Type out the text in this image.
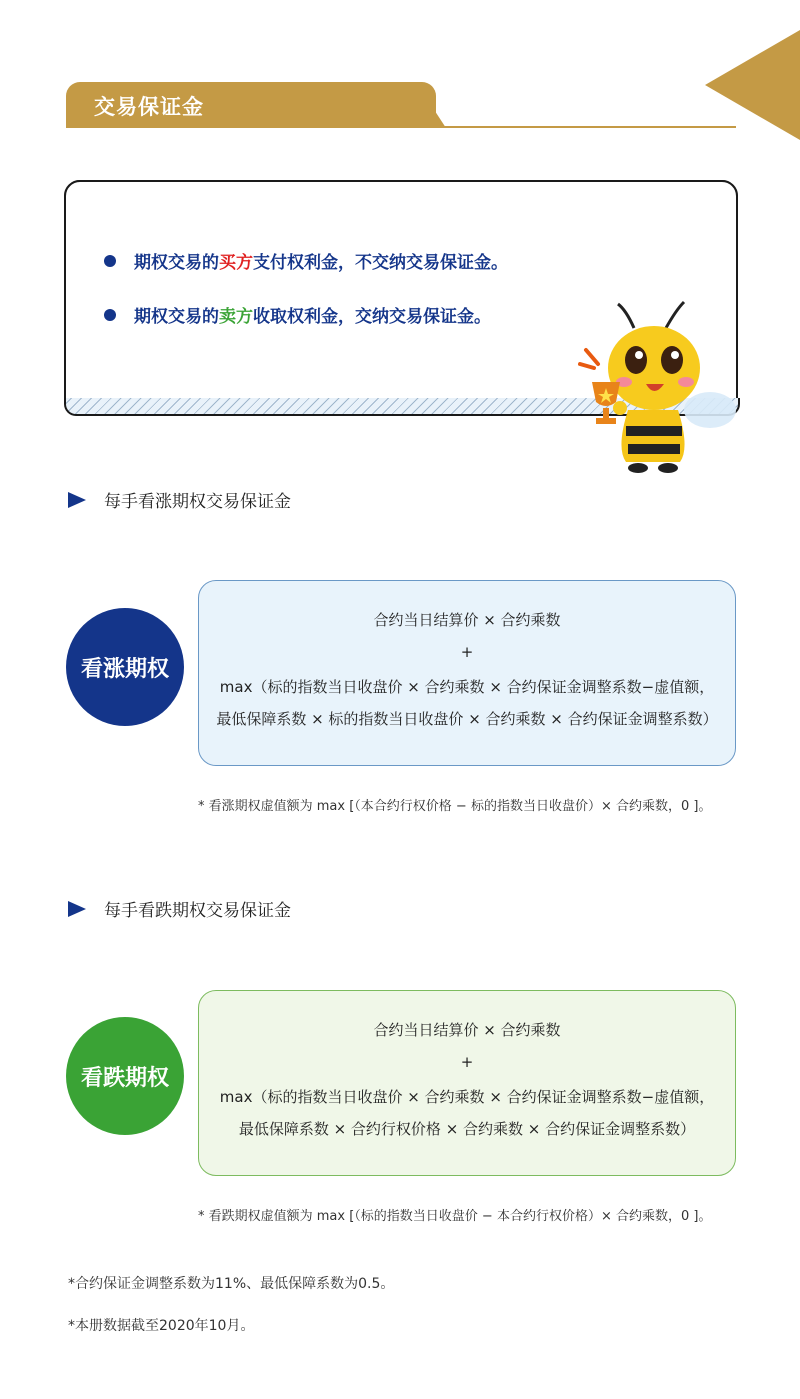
交易保证金
期权交易的买方支付权利金，不交纳交易保证金。
期权交易的卖方收取权利金，交纳交易保证金。
每手看涨期权交易保证金
看涨期权
合约当日结算价 × 合约乘数
+
max（标的指数当日收盘价 × 合约乘数 × 合约保证金调整系数−虚值额，
最低保障系数 × 标的指数当日收盘价 × 合约乘数 × 合约保证金调整系数）
* 看涨期权虚值额为 max [（本合约行权价格 − 标的指数当日收盘价）× 合约乘数，0 ]。
每手看跌期权交易保证金
看跌期权
合约当日结算价 × 合约乘数
+
max（标的指数当日收盘价 × 合约乘数 × 合约保证金调整系数−虚值额，
最低保障系数 × 合约行权价格 × 合约乘数 × 合约保证金调整系数）
* 看跌期权虚值额为 max [（标的指数当日收盘价 − 本合约行权价格）× 合约乘数，0 ]。
*合约保证金调整系数为11%、最低保障系数为0.5。
*本册数据截至2020年10月。
